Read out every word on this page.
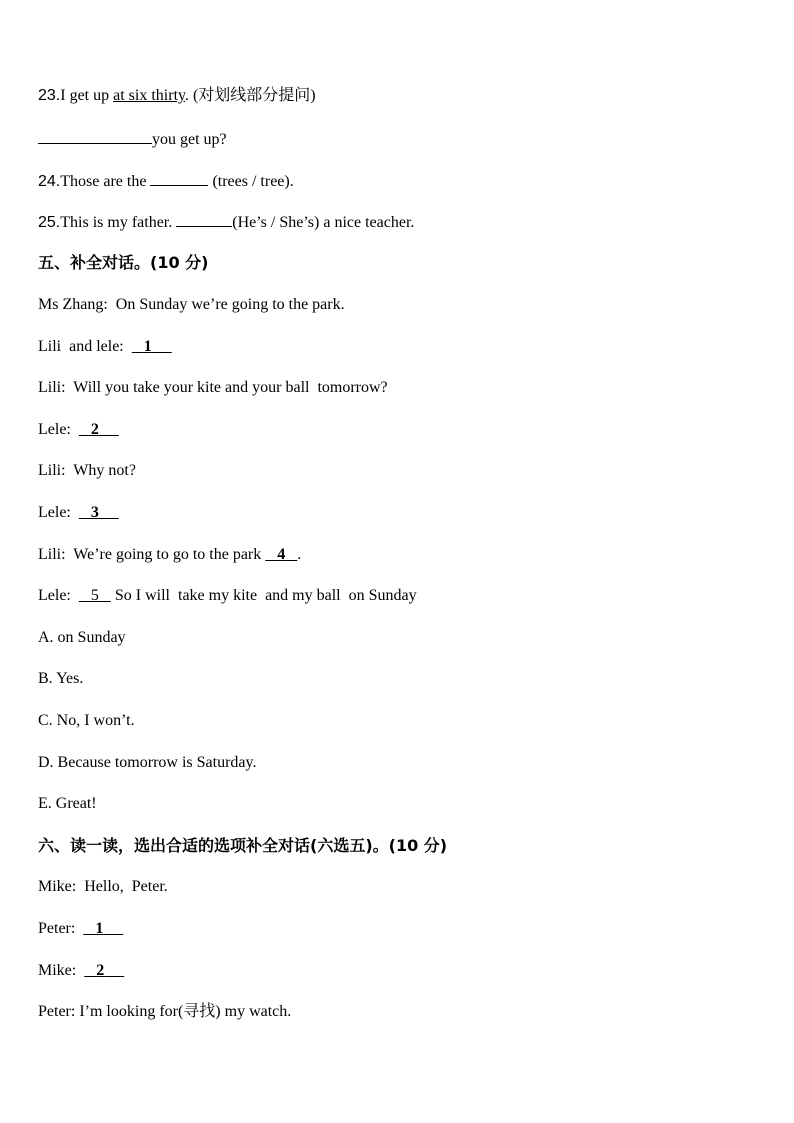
23.I get up at six thirty. (对划线部分提问)
you get up?
24.Those are the	(trees / tree).
25.This is my father.	(He’s / She’s) a nice teacher.
五、补全对话。(10 分)
Ms Zhang:  On Sunday we’re going to the park.
Lili  and lele:     1
Lili:  Will you take your kite and your ball  tomorrow?
Lele:     2
Lili:  Why not?
Lele:     3
Lili:  We’re going to go to the park    4 .
Lele:     5    So I will  take my kite  and my ball  on Sunday
A. on Sunday
B. Yes.
C. No, I won’t.
D. Because tomorrow is Saturday.
E. Great!
六、读一读，选出合适的选项补全对话(六选五)。(10 分)
Mike:  Hello,  Peter.
Peter:     1
Mike:     2
Peter: I’m looking for(寻找) my watch.
